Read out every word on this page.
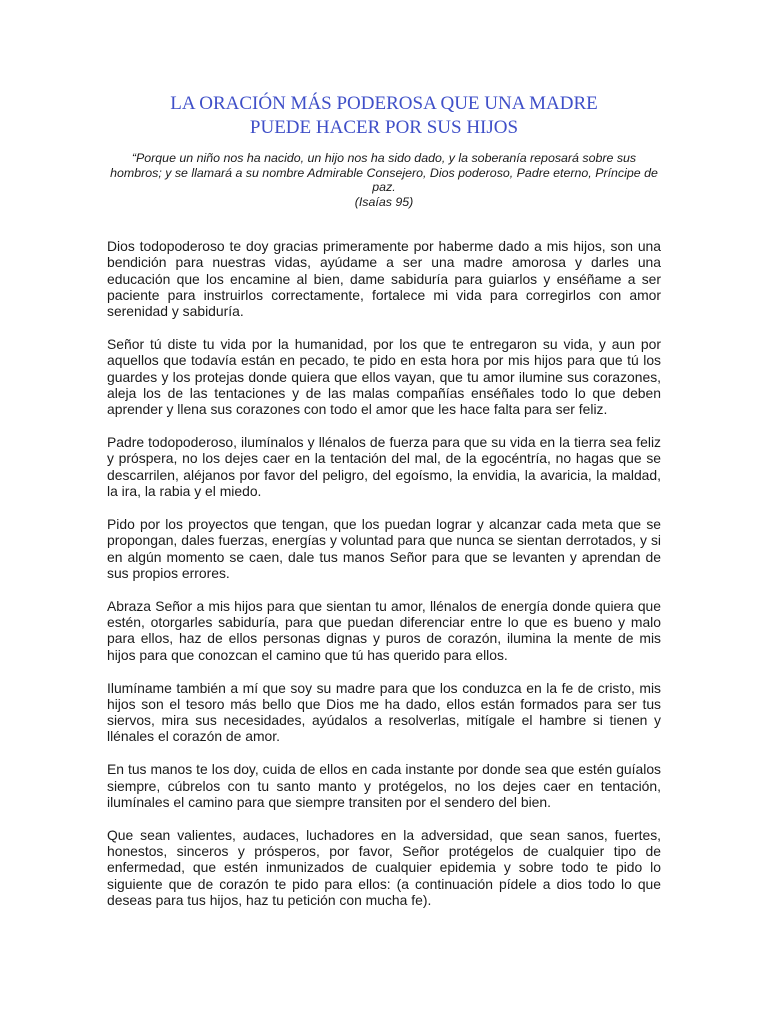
LA ORACIÓN MÁS PODEROSA QUE UNA MADRE
PUEDE HACER POR SUS HIJOS
“Porque un niño nos ha nacido, un hijo nos ha sido dado, y la soberanía reposará sobre sus hombros; y se llamará a su nombre Admirable Consejero, Dios poderoso, Padre eterno, Príncipe de paz.
(Isaías 95)

Dios todopoderoso te doy gracias primeramente por haberme dado a mis hijos, son una bendición para nuestras vidas, ayúdame a ser una madre amorosa y darles una educación que los encamine al bien, dame sabiduría para guiarlos y enséñame a ser paciente para instruirlos correctamente, fortalece mi vida para corregirlos con amor serenidad y sabiduría.

Señor tú diste tu vida por la humanidad, por los que te entregaron su vida, y aun por aquellos que todavía están en pecado, te pido en esta hora por mis hijos para que tú los guardes y los protejas donde quiera que ellos vayan, que tu amor ilumine sus corazones, aleja los de las tentaciones y de las malas compañías enséñales todo lo que deben aprender y llena sus corazones con todo el amor que les hace falta para ser feliz.

Padre todopoderoso, ilumínalos y llénalos de fuerza para que su vida en la tierra sea feliz y próspera, no los dejes caer en la tentación del mal, de la egocéntría, no hagas que se descarrilen, aléjanos por favor del peligro, del egoísmo, la envidia, la avaricia, la maldad, la ira, la rabia y el miedo.

Pido por los proyectos que tengan, que los puedan lograr y alcanzar cada meta que se propongan, dales fuerzas, energías y voluntad para que nunca se sientan derrotados, y si en algún momento se caen, dale tus manos Señor para que se levanten y aprendan de sus propios errores.

Abraza Señor a mis hijos para que sientan tu amor, llénalos de energía donde quiera que estén, otorgarles sabiduría, para que puedan diferenciar entre lo que es bueno y malo para ellos, haz de ellos personas dignas y puros de corazón, ilumina la mente de mis hijos para que conozcan el camino que tú has querido para ellos.

Ilumíname también a mí que soy su madre para que los conduzca en la fe de cristo, mis hijos son el tesoro más bello que Dios me ha dado, ellos están formados para ser tus siervos, mira sus necesidades, ayúdalos a resolverlas, mitígale el hambre si tienen y llénales el corazón de amor.

En tus manos te los doy, cuida de ellos en cada instante por donde sea que estén guíalos siempre, cúbrelos con tu santo manto y protégelos, no los dejes caer en tentación, ilumínales el camino para que siempre transiten por el sendero del bien.

Que sean valientes, audaces, luchadores en la adversidad, que sean sanos, fuertes, honestos, sinceros y prósperos, por favor, Señor protégelos de cualquier tipo de enfermedad, que estén inmunizados de cualquier epidemia y sobre todo te pido lo siguiente que de corazón te pido para ellos: (a continuación pídele a dios todo lo que deseas para tus hijos, haz tu petición con mucha fe).
